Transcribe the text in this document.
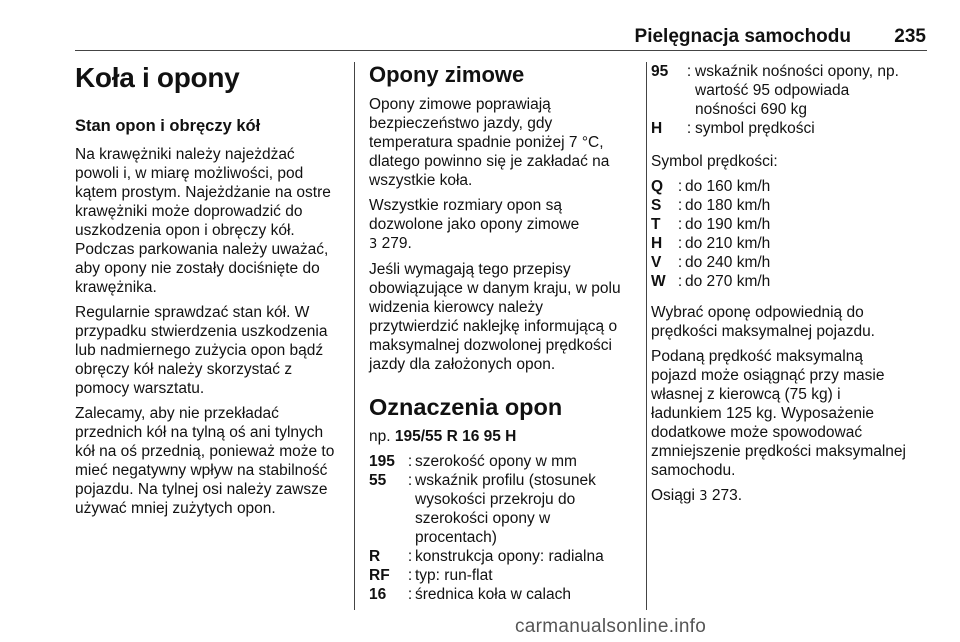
Pielęgnacja samochodu 235
Koła i opony
Stan opon i obręczy kół

Na krawężniki należy najeżdżać
powoli i, w miarę możliwości, pod
kątem prostym. Najeżdżanie na ostre
krawężniki może doprowadzić do
uszkodzenia opon i obręczy kół.
Podczas parkowania należy uważać,
aby opony nie zostały dociśnięte do
krawężnika.

Regularnie sprawdzać stan kół. W
przypadku stwierdzenia uszkodzenia
lub nadmiernego zużycia opon bądź
obręczy kół należy skorzystać z
pomocy warsztatu.

Zalecamy, aby nie przekładać
przednich kół na tylną oś ani tylnych
kół na oś przednią, ponieważ może to
mieć negatywny wpływ na stabilność
pojazdu. Na tylnej osi należy zawsze
używać mniej zużytych opon.

Opony zimowe

Opony zimowe poprawiają
bezpieczeństwo jazdy, gdy
temperatura spadnie poniżej 7 °C,
dlatego powinno się je zakładać na
wszystkie koła.

Wszystkie rozmiary opon są
dozwolone jako opony zimowe
3 279.

Jeśli wymagają tego przepisy
obowiązujące w danym kraju, w polu
widzenia kierowcy należy
przytwierdzić naklejkę informującą o
maksymalnej dozwolonej prędkości
jazdy dla założonych opon.

Oznaczenia opon

np. 195/55 R 16 95 H

195 : szerokość opony w mm
55	: wskaźnik profilu (stosunek
wysokości przekroju do
szerokości opony w
procentach)
R	: konstrukcja opony: radialna
RF	: typ: run-flat
16	: średnica koła w calach
95	: wskaźnik nośności opony, np.
wartość 95 odpowiada
nośności 690 kg
H	: symbol prędkości

Symbol prędkości:

Q : do 160 km/h
S	: do 180 km/h
T	: do 190 km/h
H	: do 210 km/h
V	: do 240 km/h
W : do 270 km/h

Wybrać oponę odpowiednią do
prędkości maksymalnej pojazdu.

Podaną prędkość maksymalną
pojazd może osiągnąć przy masie
własnej z kierowcą (75 kg) i
ładunkiem 125 kg. Wyposażenie
dodatkowe może spowodować
zmniejszenie prędkości maksymalnej
samochodu.

Osiągi 3 273.

carmanualsonline.info
